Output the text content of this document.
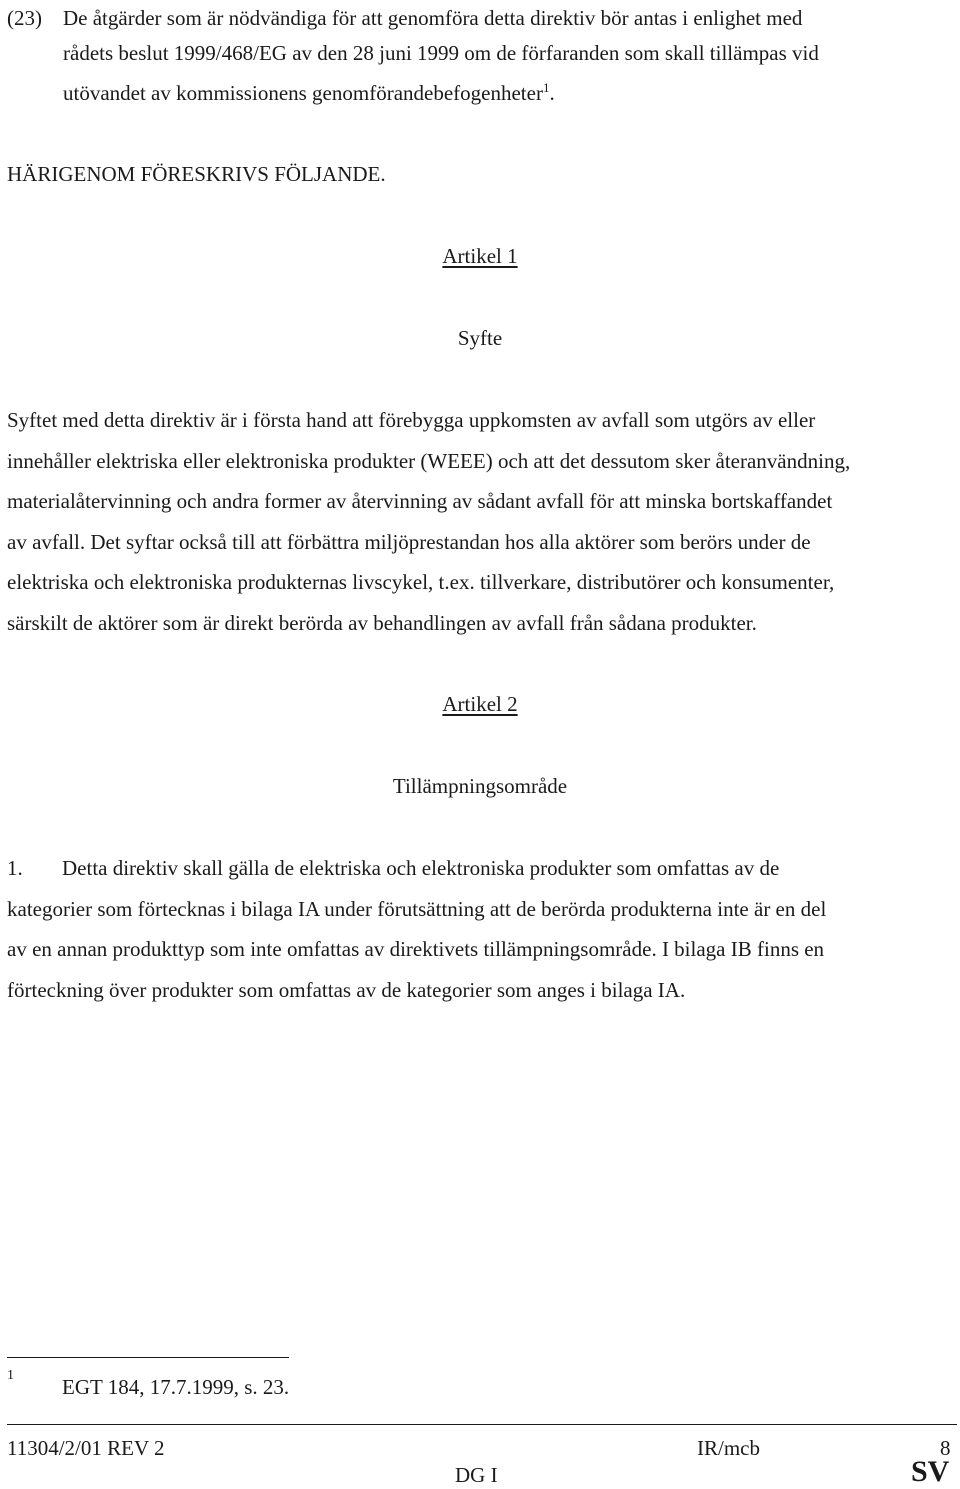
(23) De åtgärder som är nödvändiga för att genomföra detta direktiv bör antas i enlighet med
rådets beslut 1999/468/EG av den 28 juni 1999 om de förfaranden som skall tillämpas vid
utövandet av kommissionens genomförandebefogenheter$^1$.
HÄRIGENOM FÖRESKRIVS FÖLJANDE.
Artikel 1
Syfte
Syftet med detta direktiv är i första hand att förebygga uppkomsten av avfall som utgörs av eller
innehåller elektriska eller elektroniska produkter (WEEE) och att det dessutom sker återanvändning,
materialåtervinning och andra former av återvinning av sådant avfall för att minska bortskaffandet
av avfall. Det syftar också till att förbättra miljöprestandan hos alla aktörer som berörs under de
elektriska och elektroniska produkternas livscykel, t.ex. tillverkare, distributörer och konsumenter,
särskilt de aktörer som är direkt berörda av behandlingen av avfall från sådana produkter.
Artikel 2
Tillämpningsområde
1. Detta direktiv skall gälla de elektriska och elektroniska produkter som omfattas av de
kategorier som förtecknas i bilaga IA under förutsättning att de berörda produkterna inte är en del
av en annan produkttyp som inte omfattas av direktivets tillämpningsområde. I bilaga IB finns en
förteckning över produkter som omfattas av de kategorier som anges i bilaga IA.
1 EGT 184, 17.7.1999, s. 23.
11304/2/01 REV 2	IR/mcb	8
DG I	SV
